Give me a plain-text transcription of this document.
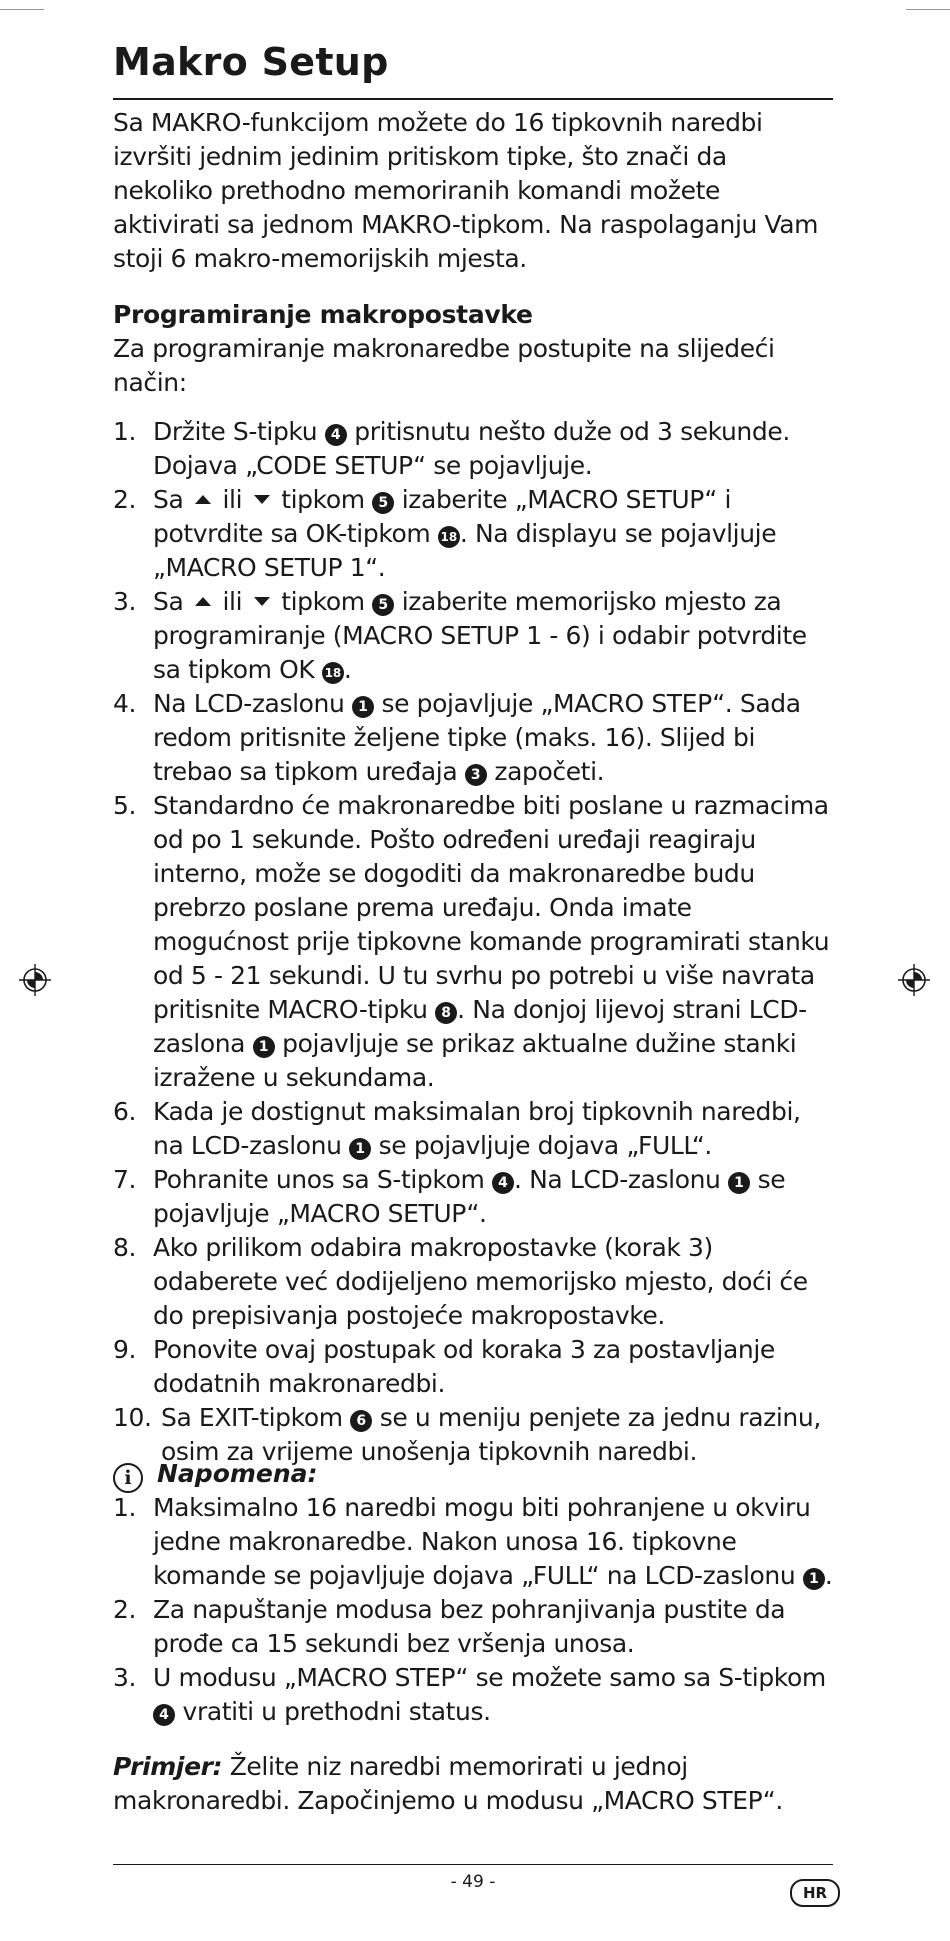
Makro Setup

Sa MAKRO-funkcijom možete do 16 tipkovnih naredbi izvršiti jednim jedinim pritiskom tipke, što znači da nekoliko prethodno memoriranih komandi možete aktivirati sa jednom MAKRO-tipkom. Na raspolaganju Vam stoji 6 makro-memorijskih mjesta.

Programiranje makropostavke

Za programiranje makronaredbe postupite na slijedeći način:

1. Držite S-tipku 4 pritisnutu nešto duže od 3 sekunde. Dojava „CODE SETUP“ se pojavljuje.
2. Sa  ili  tipkom 5 izaberite „MACRO SETUP“ i potvrdite sa OK-tipkom 18 . Na displayu se pojavljuje „MACRO SETUP 1“.
3. Sa  ili  tipkom 5 izaberite memorijsko mjesto za programiranje (MACRO SETUP 1 - 6) i odabir potvrdite sa tipkom OK 18 .
4. Na LCD-zaslonu 1 se pojavljuje „MACRO STEP“. Sada redom pritisnite željene tipke (maks. 16). Slijed bi trebao sa tipkom uređaja 3 započeti.
5. Standardno će makronaredbe biti poslane u razmacima od po 1 sekunde. Pošto određeni uređaji reagiraju interno, može se dogoditi da makronaredbe budu prebrzo poslane prema uređaju. Onda imate mogućnost prije tipkovne komande programirati stanku od 5 - 21 sekundi. U tu svrhu po potrebi u više navrata pritisnite MACRO-tipku 8 . Na donjoj lijevoj strani LCD-zaslona 1 pojavljuje se prikaz aktualne dužine stanki izražene u sekundama.
6. Kada je dostignut maksimalan broj tipkovnih naredbi, na LCD-zaslonu 1 se pojavljuje dojava „FULL“.
7. Pohranite unos sa S-tipkom 4 . Na LCD-zaslonu 1 se pojavljuje „MACRO SETUP“.
8. Ako prilikom odabira makropostavke (korak 3) odaberete već dodijeljeno memorijsko mjesto, doći će do prepisivanja postojeće makropostavke.
9. Ponovite ovaj postupak od koraka 3 za postavljanje dodatnih makronaredbi.
10. Sa EXIT-tipkom 6 se u meniju penjete za jednu razinu, osim za vrijeme unošenja tipkovnih naredbi.
i Napomena:
1. Maksimalno 16 naredbi mogu biti pohranjene u okviru jedne makronaredbe. Nakon unosa 16. tipkovne komande se pojavljuje dojava „FULL“ na LCD-zaslonu 1 .
2. Za napuštanje modusa bez pohranjivanja pustite da prođe ca 15 sekundi bez vršenja unosa.
3. U modusu „MACRO STEP“ se možete samo sa S-tipkom 4 vratiti u prethodni status.

Primjer: Želite niz naredbi memorirati u jednoj makronaredbi. Započinjemo u modusu „MACRO STEP“.

- 49 -
HR
